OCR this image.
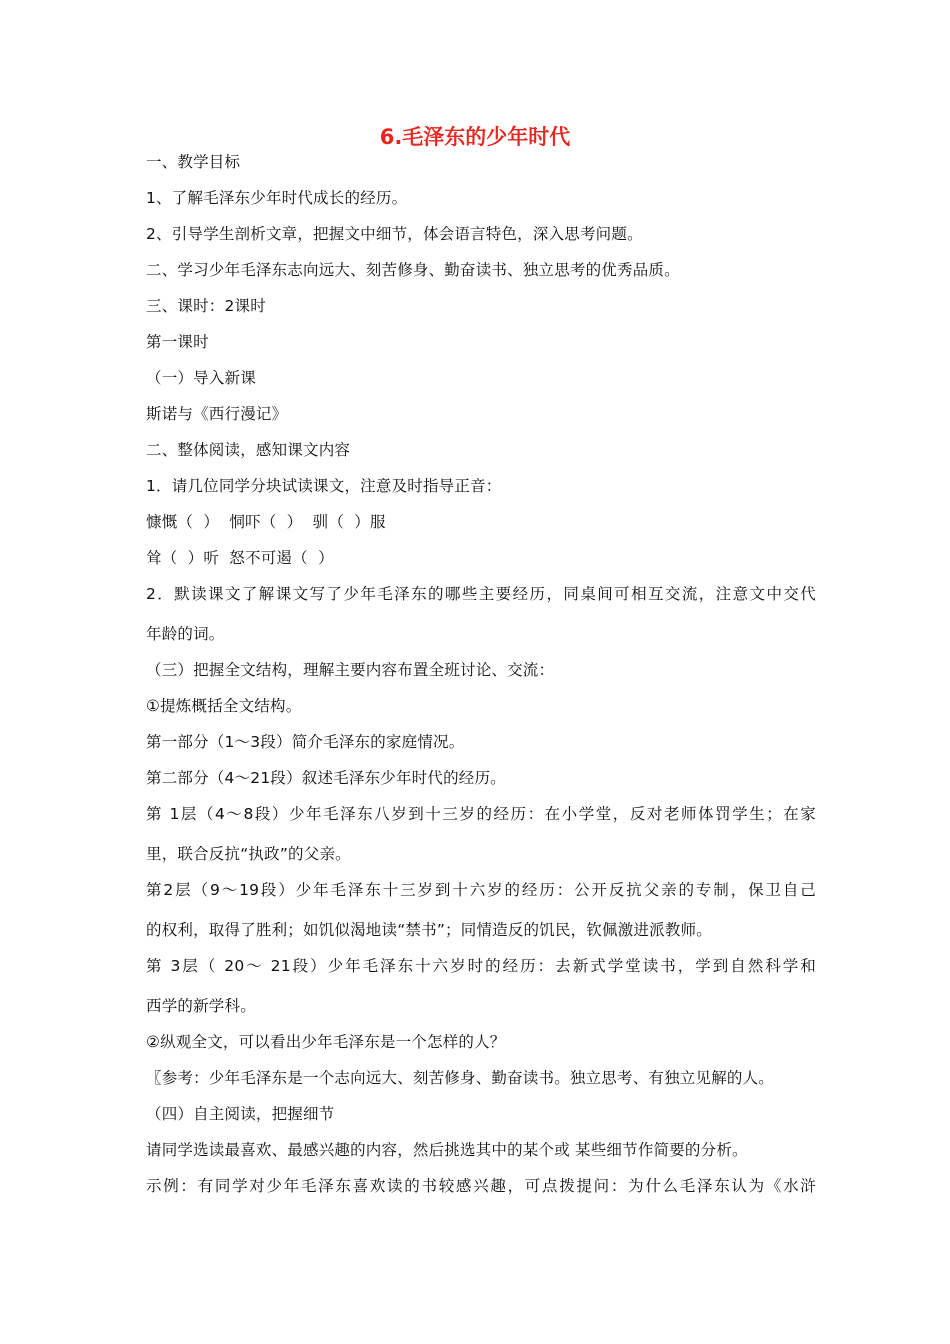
6.毛泽东的少年时代
一、教学目标
1、了解毛泽东少年时代成长的经历。
2、引导学生剖析文章，把握文中细节，体会语言特色，深入思考问题。
二、学习少年毛泽东志向远大、刻苦修身、勤奋读书、独立思考的优秀品质。
三、课时：2课时
第一课时
（一）导入新课
斯诺与《西行漫记》
二、整体阅读，感知课文内容
1．请几位同学分块试读课文，注意及时指导正音：
慷慨（  ）  恫吓（  ）  驯（  ）服
耸（  ）听  怒不可遏（  ）
2．默读课文了解课文写了少年毛泽东的哪些主要经历，同桌间可相互交流，注意文中交代
年龄的词。
（三）把握全文结构，理解主要内容布置全班讨论、交流：
①提炼概括全文结构。
第一部分（1～3段）简介毛泽东的家庭情况。
第二部分（4～21段）叙述毛泽东少年时代的经历。
第 1层（4～8段）少年毛泽东八岁到十三岁的经历：在小学堂，反对老师体罚学生；在家
里，联合反抗“执政”的父亲。
第2层（9～19段）少年毛泽东十三岁到十六岁的经历：公开反抗父亲的专制，保卫自己
的权利，取得了胜利；如饥似渴地读“禁书”；同情造反的饥民，钦佩激进派教师。
第 3层（ 20～ 21段）少年毛泽东十六岁时的经历：去新式学堂读书，学到自然科学和
西学的新学科。
②纵观全文，可以看出少年毛泽东是一个怎样的人？
〖参考：少年毛泽东是一个志向远大、刻苦修身、勤奋读书。独立思考、有独立见解的人。
（四）自主阅读，把握细节
请同学选读最喜欢、最感兴趣的内容，然后挑选其中的某个或 某些细节作简要的分析。
示例：有同学对少年毛泽东喜欢读的书较感兴趣，可点拨提问：为什么毛泽东认为《水浒
